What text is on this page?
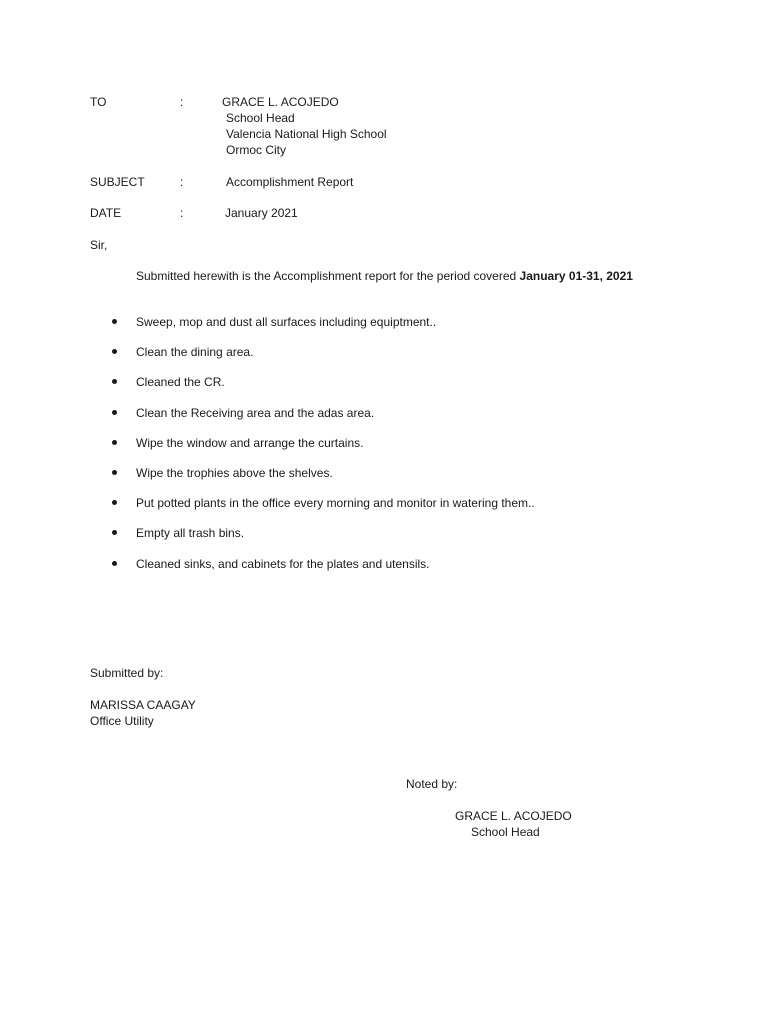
TO	:	GRACE L. ACOJEDO
School Head
Valencia National High School
Ormoc City
SUBJECT	:	Accomplishment Report
DATE	:	January 2021
Sir,
Submitted herewith is the Accomplishment report for the period covered January 01-31, 2021
Sweep, mop and dust all surfaces including equiptment..
Clean the dining area.
Cleaned the CR.
Clean the Receiving area and the adas area.
Wipe the window and arrange the curtains.
Wipe the trophies above the shelves.
Put potted plants in the office every morning and monitor in watering them..
Empty all trash bins.
Cleaned sinks, and cabinets for the plates and utensils.
Submitted by:
MARISSA CAAGAY
Office Utility
Noted by:
GRACE L. ACOJEDO
School Head
